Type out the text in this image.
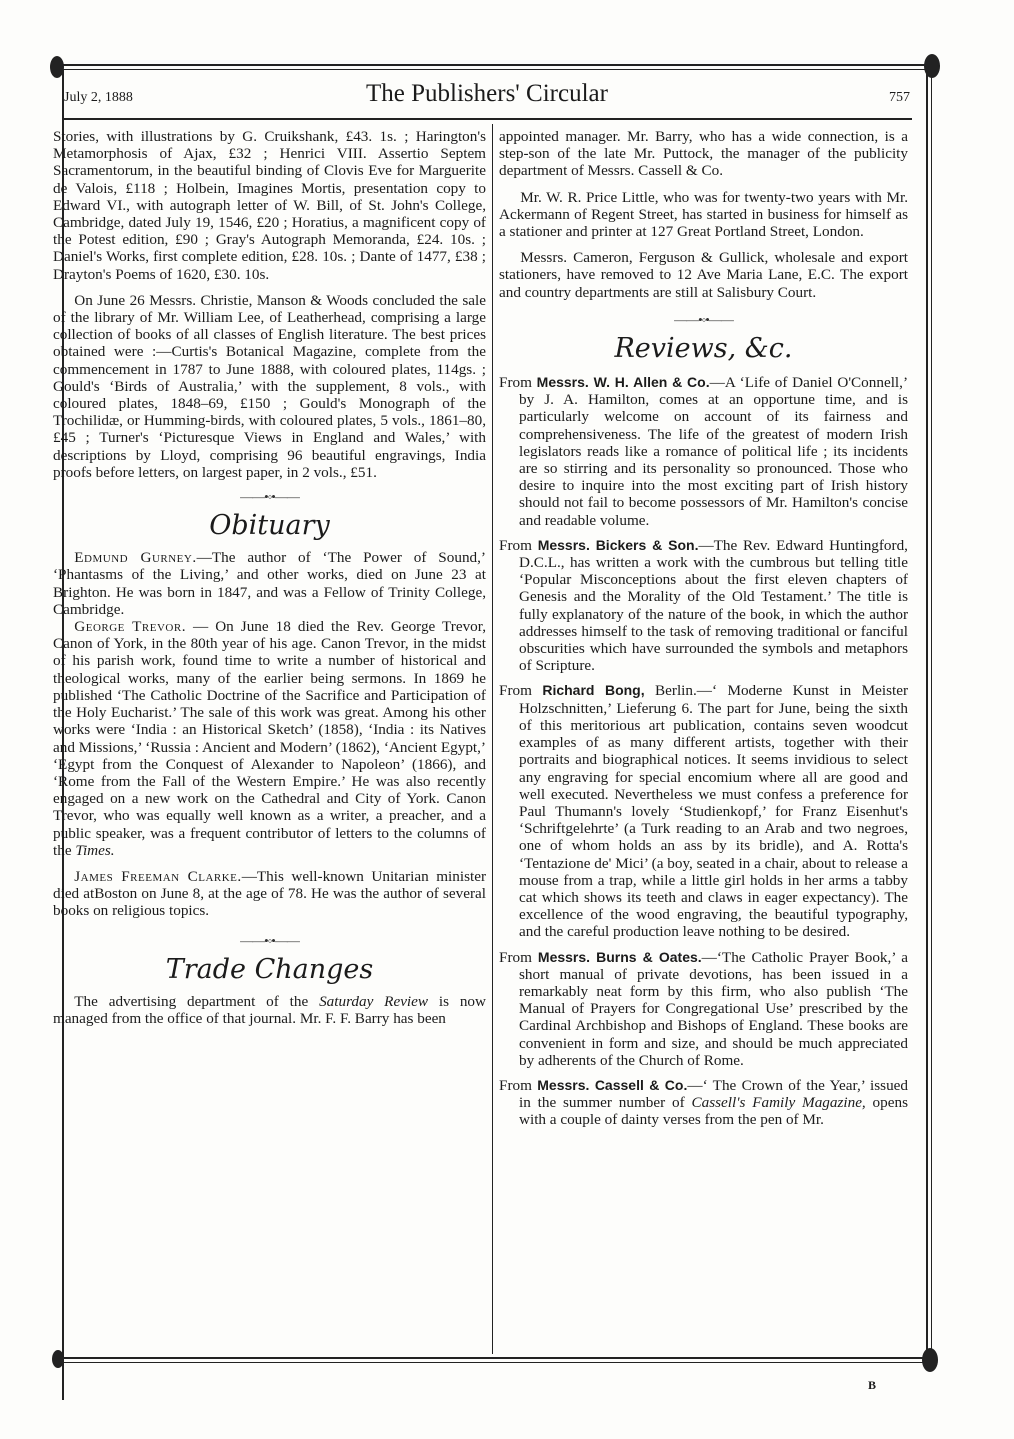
July 2, 1888	The Publishers' Circular	757

Stories, with illustrations by G. Cruikshank, £43. 1s. ; Harington's Metamorphosis of Ajax, £32 ; Henrici VIII. Assertio Septem Sacramentorum, in the beautiful binding of Clovis Eve for Marguerite de Valois, £118 ; Holbein, Imagines Mortis, presentation copy to Edward VI., with autograph letter of W. Bill, of St. John's College, Cambridge, dated July 19, 1546, £20 ; Horatius, a magnificent copy of the Potest edition, £90 ; Gray's Autograph Memoranda, £24. 10s. ; Daniel's Works, first complete edition, £28. 10s. ; Dante of 1477, £38 ; Drayton's Poems of 1620, £30. 10s.

On June 26 Messrs. Christie, Manson & Woods concluded the sale of the library of Mr. William Lee, of Leatherhead, comprising a large collection of books of all classes of English literature. The best prices obtained were :—Curtis's Botanical Magazine, complete from the commencement in 1787 to June 1888, with coloured plates, 114gs. ; Gould's ‘Birds of Australia,’ with the supplement, 8 vols., with coloured plates, 1848–69, £150 ; Gould's Monograph of the Trochilidæ, or Humming-birds, with coloured plates, 5 vols., 1861–80, £45 ; Turner's ‘Picturesque Views in England and Wales,’ with descriptions by Lloyd, comprising 96 beautiful engravings, India proofs before letters, on largest paper, in 2 vols., £51.

——•◦•——
Obituary

Edmund Gurney.—The author of ‘The Power of Sound,’ ‘Phantasms of the Living,’ and other works, died on June 23 at Brighton. He was born in 1847, and was a Fellow of Trinity College, Cambridge.

George Trevor. — On June 18 died the Rev. George Trevor, Canon of York, in the 80th year of his age. Canon Trevor, in the midst of his parish work, found time to write a number of historical and theological works, many of the earlier being sermons. In 1869 he published ‘The Catholic Doctrine of the Sacrifice and Participation of the Holy Eucharist.’ The sale of this work was great. Among his other works were ‘India : an Historical Sketch’ (1858), ‘India : its Natives and Missions,’ ‘Russia : Ancient and Modern’ (1862), ‘Ancient Egypt,’ ‘Egypt from the Conquest of Alexander to Napoleon’ (1866), and ‘Rome from the Fall of the Western Empire.’ He was also recently engaged on a new work on the Cathedral and City of York. Canon Trevor, who was equally well known as a writer, a preacher, and a public speaker, was a frequent contributor of letters to the columns of the Times.

James Freeman Clarke.—This well-known Unitarian minister died atBoston on June 8, at the age of 78. He was the author of several books on religious topics.

——•◦•——
Trade Changes

The advertising department of the Saturday Review is now managed from the office of that journal. Mr. F. F. Barry has been

appointed manager. Mr. Barry, who has a wide connection, is a step-son of the late Mr. Puttock, the manager of the publicity department of Messrs. Cassell & Co.

Mr. W. R. Price Little, who was for twenty-two years with Mr. Ackermann of Regent Street, has started in business for himself as a stationer and printer at 127 Great Portland Street, London.

Messrs. Cameron, Ferguson & Gullick, wholesale and export stationers, have removed to 12 Ave Maria Lane, E.C. The export and country departments are still at Salisbury Court.

——•◦•——
Reviews, &c.

From Messrs. W. H. Allen & Co.—A ‘Life of Daniel O'Connell,’ by J. A. Hamilton, comes at an opportune time, and is particularly welcome on account of its fairness and comprehensiveness. The life of the greatest of modern Irish legislators reads like a romance of political life ; its incidents are so stirring and its personality so pronounced. Those who desire to inquire into the most exciting part of Irish history should not fail to become possessors of Mr. Hamilton's concise and readable volume.

From Messrs. Bickers & Son.—The Rev. Edward Huntingford, D.C.L., has written a work with the cumbrous but telling title ‘Popular Misconceptions about the first eleven chapters of Genesis and the Morality of the Old Testament.’ The title is fully explanatory of the nature of the book, in which the author addresses himself to the task of removing traditional or fanciful obscurities which have surrounded the symbols and metaphors of Scripture.

From Richard Bong, Berlin.—‘ Moderne Kunst in Meister Holzschnitten,’ Lieferung 6. The part for June, being the sixth of this meritorious art publication, contains seven woodcut examples of as many different artists, together with their portraits and biographical notices. It seems invidious to select any engraving for special encomium where all are good and well executed. Nevertheless we must confess a preference for Paul Thumann's lovely ‘Studienkopf,’ for Franz Eisenhut's ‘Schriftgelehrte’ (a Turk reading to an Arab and two negroes, one of whom holds an ass by its bridle), and A. Rotta's ‘Tentazione de' Mici’ (a boy, seated in a chair, about to release a mouse from a trap, while a little girl holds in her arms a tabby cat which shows its teeth and claws in eager expectancy). The excellence of the wood engraving, the beautiful typography, and the careful production leave nothing to be desired.

From Messrs. Burns & Oates.—‘The Catholic Prayer Book,’ a short manual of private devotions, has been issued in a remarkably neat form by this firm, who also publish ‘The Manual of Prayers for Congregational Use’ prescribed by the Cardinal Archbishop and Bishops of England. These books are convenient in form and size, and should be much appreciated by adherents of the Church of Rome.

From Messrs. Cassell & Co.—‘ The Crown of the Year,’ issued in the summer number of Cassell's Family Magazine, opens with a couple of dainty verses from the pen of Mr.

B
